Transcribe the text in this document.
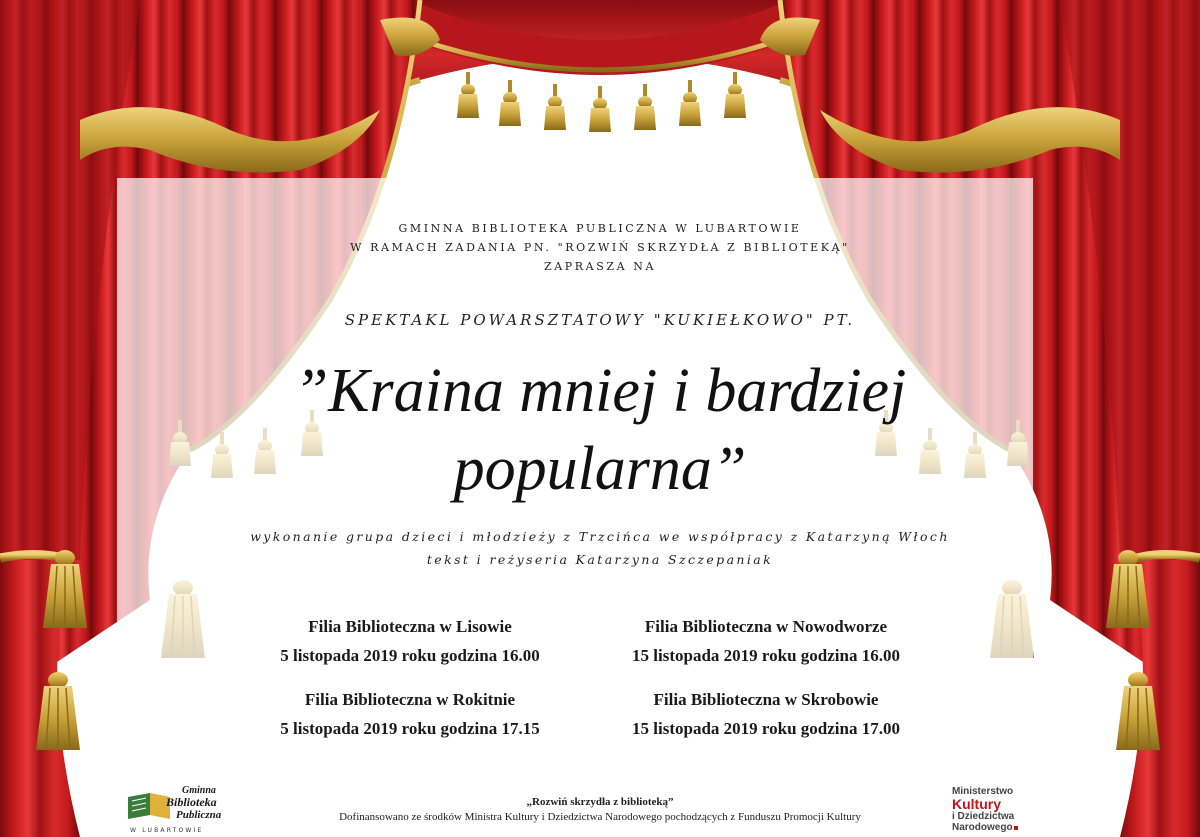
GMINNA BIBLIOTEKA PUBLICZNA W LUBARTOWIE
W RAMACH ZADANIA PN. "ROZWIŃ SKRZYDŁA Z BIBLIOTEKĄ"
ZAPRASZA NA
SPEKTAKL POWARSZTATOWY "KUKIEŁKOWO" PT.
”Kraina mniej i bardziej
popularna”
wykonanie grupa dzieci i młodzieży z Trzcińca we współpracy z Katarzyną Włoch
tekst i reżyseria Katarzyna Szczepaniak
Filia Biblioteczna w Lisowie
5 listopada 2019 roku godzina 16.00
Filia Biblioteczna w Nowodworze
15 listopada 2019 roku godzina 16.00
Filia Biblioteczna w Rokitnie
5 listopada 2019 roku godzina 17.15
Filia Biblioteczna w Skrobowie
15 listopada 2019 roku godzina 17.00
„Rozwiń skrzydła z biblioteką”
Dofinansowano ze środków Ministra Kultury i Dziedzictwa Narodowego pochodzących z Funduszu Promocji Kultury
Gminna
Biblioteka
Publiczna
W LUBARTOWIE
Ministerstwo
Kultury
i Dziedzictwa
Narodowego
